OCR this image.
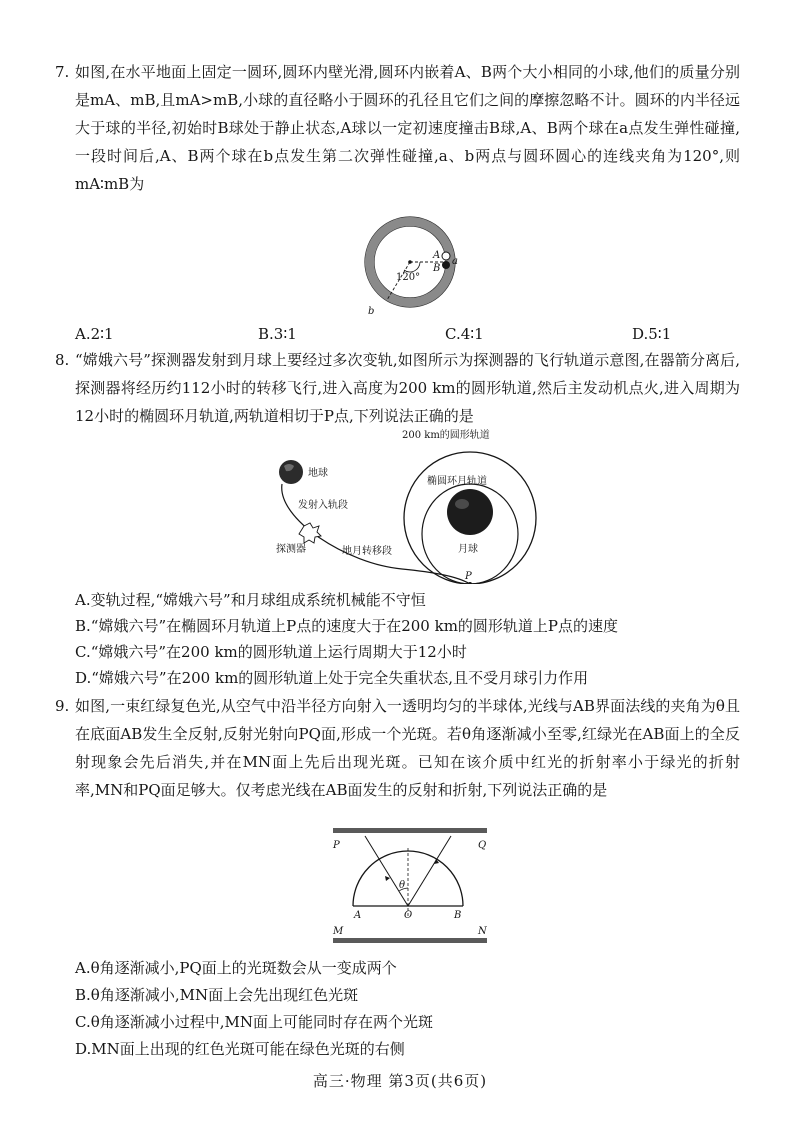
7. 如图,在水平地面上固定一圆环,圆环内壁光滑,圆环内嵌着A、B两个大小相同的小球,他们的质量分别是mA、mB,且mA>mB,小球的直径略小于圆环的孔径且它们之间的摩擦忽略不计。圆环的内半径远大于球的半径,初始时B球处于静止状态,A球以一定初速度撞击B球,A、B两个球在a点发生弹性碰撞,一段时间后,A、B两个球在b点发生第二次弹性碰撞,a、b两点与圆环圆心的连线夹角为120°,则mA∶mB为
A
B
a
120°
b
A.2∶1	B.3∶1	C.4∶1	D.5∶1
8. “嫦娥六号”探测器发射到月球上要经过多次变轨,如图所示为探测器的飞行轨道示意图,在器箭分离后,探测器将经历约112小时的转移飞行,进入高度为200 km的圆形轨道,然后主发动机点火,进入周期为12小时的椭圆环月轨道,两轨道相切于P点,下列说法正确的是
200 km的圆形轨道
椭圆环月轨道
月球
地球
发射入轨段
探测器	地月转移段
P
A.变轨过程,“嫦娥六号”和月球组成系统机械能不守恒
B.“嫦娥六号”在椭圆环月轨道上P点的速度大于在200 km的圆形轨道上P点的速度
C.“嫦娥六号”在200 km的圆形轨道上运行周期大于12小时
D.“嫦娥六号”在200 km的圆形轨道上处于完全失重状态,且不受月球引力作用
9. 如图,一束红绿复色光,从空气中沿半径方向射入一透明均匀的半球体,光线与AB界面法线的夹角为θ且在底面AB发生全反射,反射光射向PQ面,形成一个光斑。若θ角逐渐减小至零,红绿光在AB面上的全反射现象会先后消失,并在MN面上先后出现光斑。已知在该介质中红光的折射率小于绿光的折射率,MN和PQ面足够大。仅考虑光线在AB面发生的反射和折射,下列说法正确的是
P	Q
θ
A	O	B
M	N
A.θ角逐渐减小,PQ面上的光斑数会从一变成两个
B.θ角逐渐减小,MN面上会先出现红色光斑
C.θ角逐渐减小过程中,MN面上可能同时存在两个光斑
D.MN面上出现的红色光斑可能在绿色光斑的右侧
高三·物理 第3页(共6页)
